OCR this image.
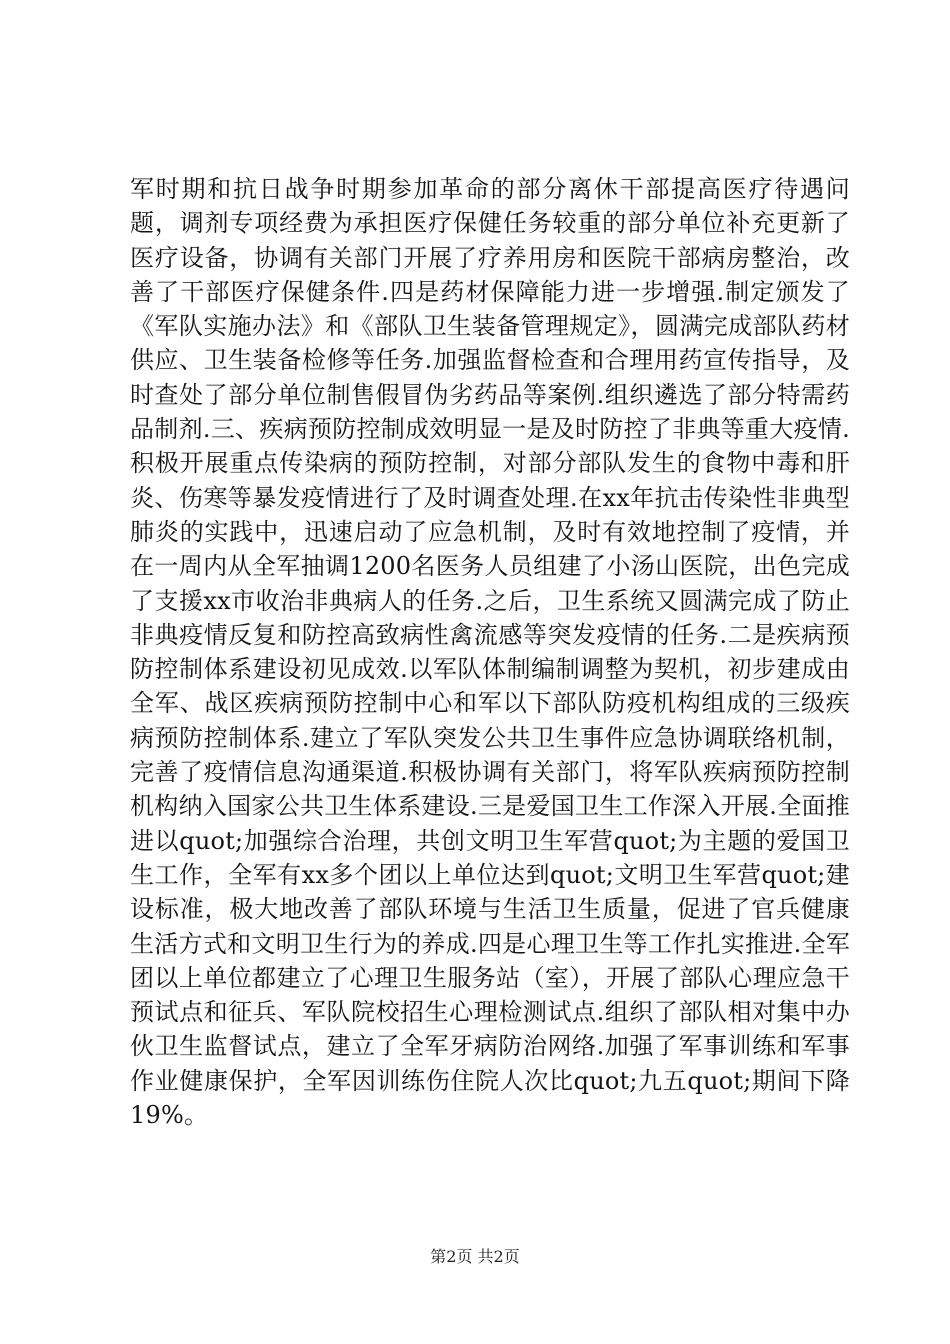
军时期和抗日战争时期参加革命的部分离休干部提高医疗待遇问题，调剂专项经费为承担医疗保健任务较重的部分单位补充更新了医疗设备，协调有关部门开展了疗养用房和医院干部病房整治，改善了干部医疗保健条件.四是药材保障能力进一步增强.制定颁发了《军队实施办法》和《部队卫生装备管理规定》，圆满完成部队药材供应、卫生装备检修等任务.加强监督检查和合理用药宣传指导，及时查处了部分单位制售假冒伪劣药品等案例.组织遴选了部分特需药品制剂.三、疾病预防控制成效明显一是及时防控了非典等重大疫情.积极开展重点传染病的预防控制，对部分部队发生的食物中毒和肝炎、伤寒等暴发疫情进行了及时调查处理.在xx年抗击传染性非典型肺炎的实践中，迅速启动了应急机制，及时有效地控制了疫情，并在一周内从全军抽调1200名医务人员组建了小汤山医院，出色完成了支援xx市收治非典病人的任务.之后，卫生系统又圆满完成了防止非典疫情反复和防控高致病性禽流感等突发疫情的任务.二是疾病预防控制体系建设初见成效.以军队体制编制调整为契机，初步建成由全军、战区疾病预防控制中心和军以下部队防疫机构组成的三级疾病预防控制体系.建立了军队突发公共卫生事件应急协调联络机制，完善了疫情信息沟通渠道.积极协调有关部门，将军队疾病预防控制机构纳入国家公共卫生体系建设.三是爱国卫生工作深入开展.全面推进以quot;加强综合治理，共创文明卫生军营quot;为主题的爱国卫生工作，全军有xx多个团以上单位达到quot;文明卫生军营quot;建设标准，极大地改善了部队环境与生活卫生质量，促进了官兵健康生活方式和文明卫生行为的养成.四是心理卫生等工作扎实推进.全军团以上单位都建立了心理卫生服务站（室），开展了部队心理应急干预试点和征兵、军队院校招生心理检测试点.组织了部队相对集中办伙卫生监督试点，建立了全军牙病防治网络.加强了军事训练和军事作业健康保护，全军因训练伤住院人次比quot;九五quot;期间下降19%。

第2页 共2页
